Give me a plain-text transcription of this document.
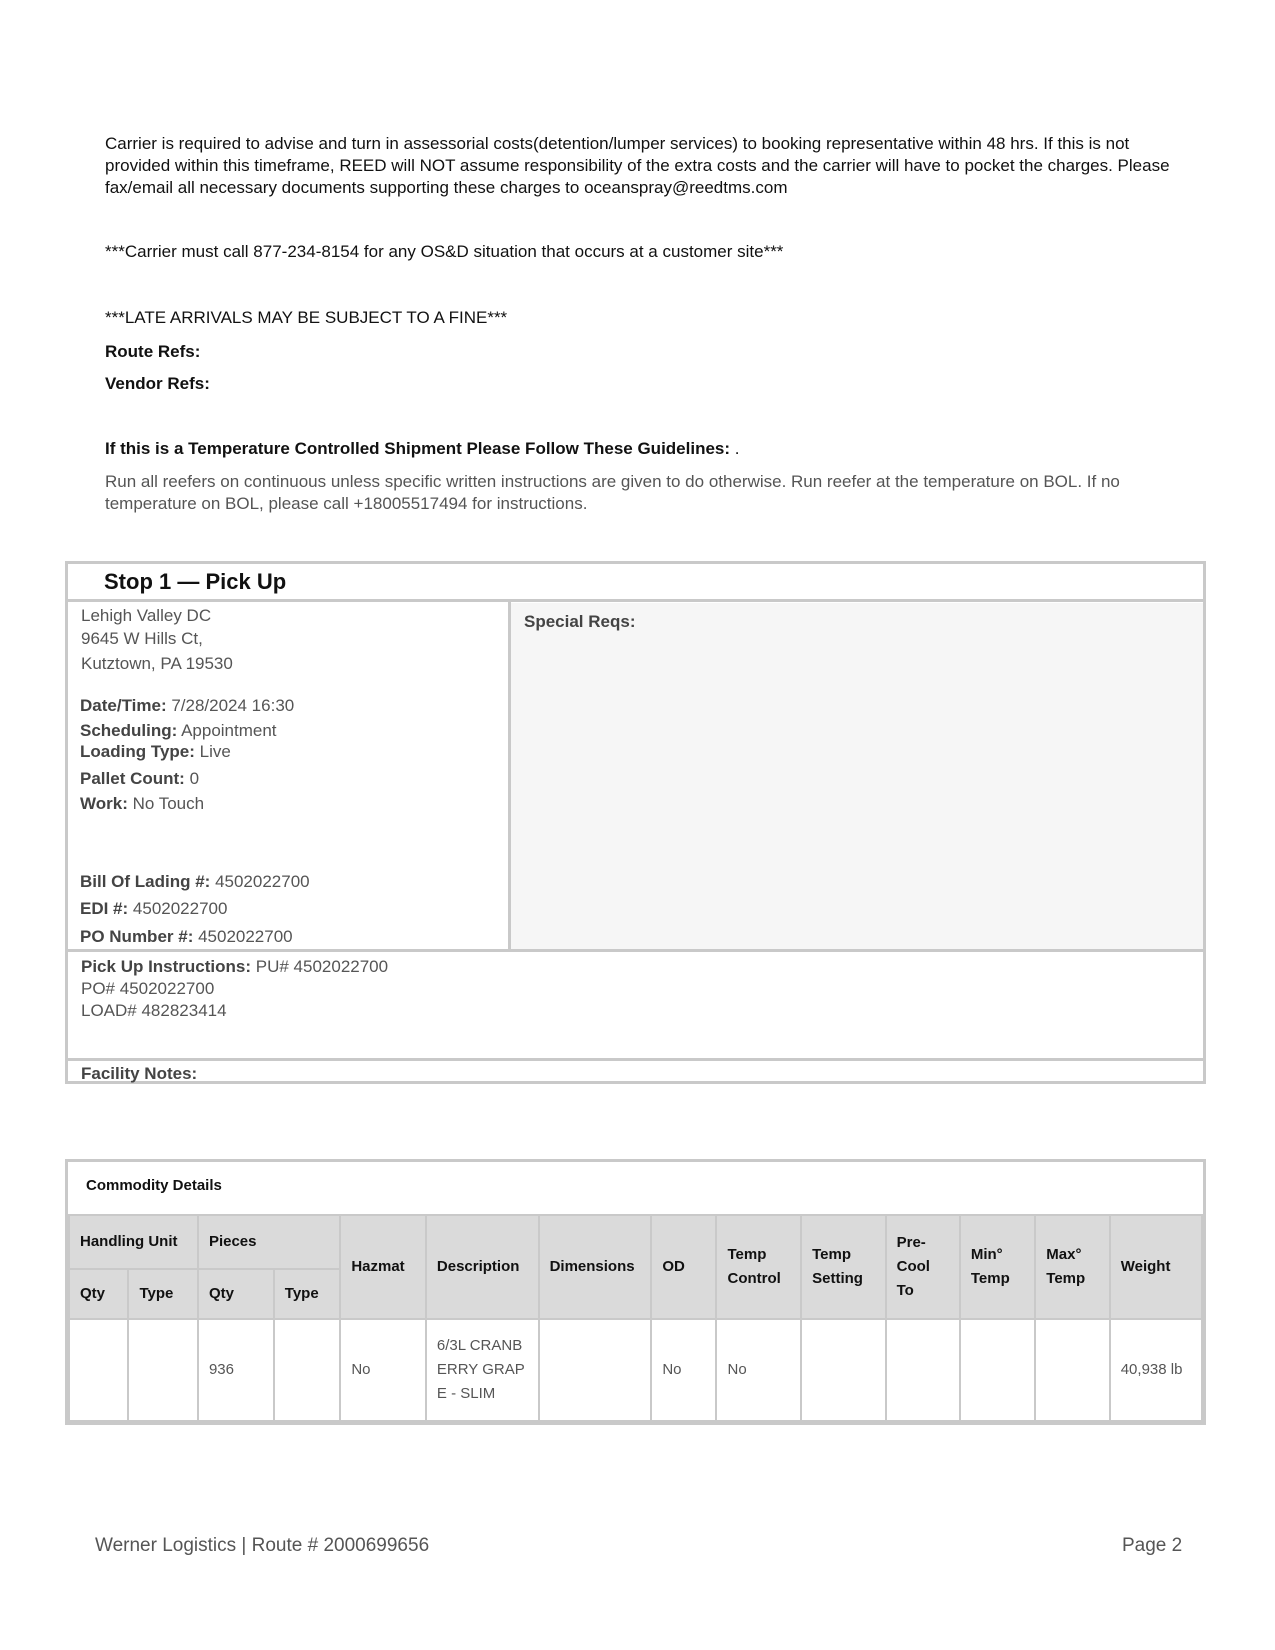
Carrier is required to advise and turn in assessorial costs(detention/lumper services) to booking representative within 48 hrs. If this is not provided within this timeframe, REED will NOT assume responsibility of the extra costs and the carrier will have to pocket the charges. Please fax/email all necessary documents supporting these charges to oceanspray@reedtms.com
***Carrier must call 877-234-8154 for any OS&D situation that occurs at a customer site***
***LATE ARRIVALS MAY BE SUBJECT TO A FINE***
Route Refs:
Vendor Refs:
If this is a Temperature Controlled Shipment Please Follow These Guidelines: .
Run all reefers on continuous unless specific written instructions are given to do otherwise. Run reefer at the temperature on BOL. If no temperature on BOL, please call +18005517494 for instructions.
Stop 1 — Pick Up
Lehigh Valley DC
9645 W Hills Ct,
Kutztown, PA 19530
Date/Time: 7/28/2024 16:30
Scheduling: Appointment
Loading Type: Live
Pallet Count: 0
Work: No Touch
Bill Of Lading #: 4502022700
EDI #: 4502022700
PO Number #: 4502022700
Special Reqs:
Pick Up Instructions: PU# 4502022700
PO# 4502022700
LOAD# 482823414
Facility Notes:
Commodity Details
Handling Unit		Pieces		Hazmat	Description	Dimensions	OD	Temp Control	Temp Setting	Pre-Cool To	Min° Temp	Max° Temp	Weight
Qty	Type	Qty	Type										
		936		No	6/3L CRANBERRY GRAPE - SLIM		No	No					40,938 lb
Werner Logistics | Route # 2000699656	Page 2
